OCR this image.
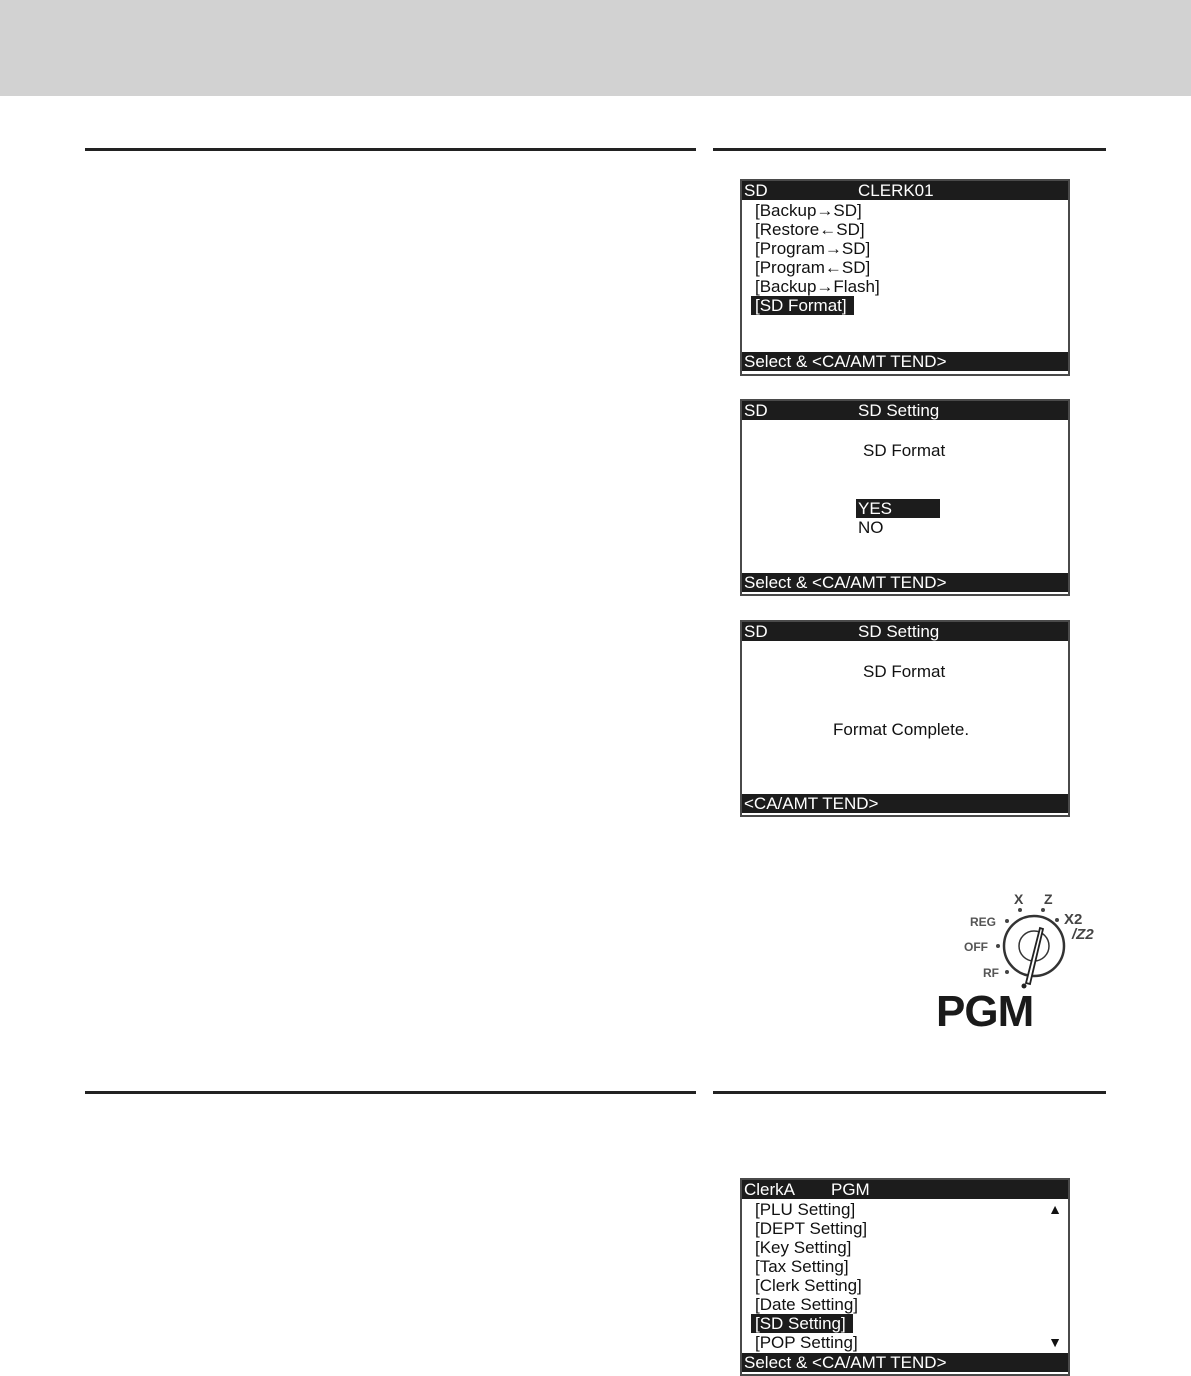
SD	CLERK01
[Backup→SD]
[Restore←SD]
[Program→SD]
[Program←SD]
[Backup→Flash]
[SD Format]
Select & <CA/AMT TEND>
SD	SD Setting
SD Format
YES
NO
Select & <CA/AMT TEND>
SD	SD Setting
SD Format
Format Complete.
<CA/AMT TEND>
X Z
X2
/Z2
REG
OFF
RF
PGM
ClerkA PGM
[PLU Setting]	▲
[DEPT Setting]
[Key Setting]
[Tax Setting]
[Clerk Setting]
[Date Setting]
[SD Setting]
[POP Setting]	▼
Select & <CA/AMT TEND>
